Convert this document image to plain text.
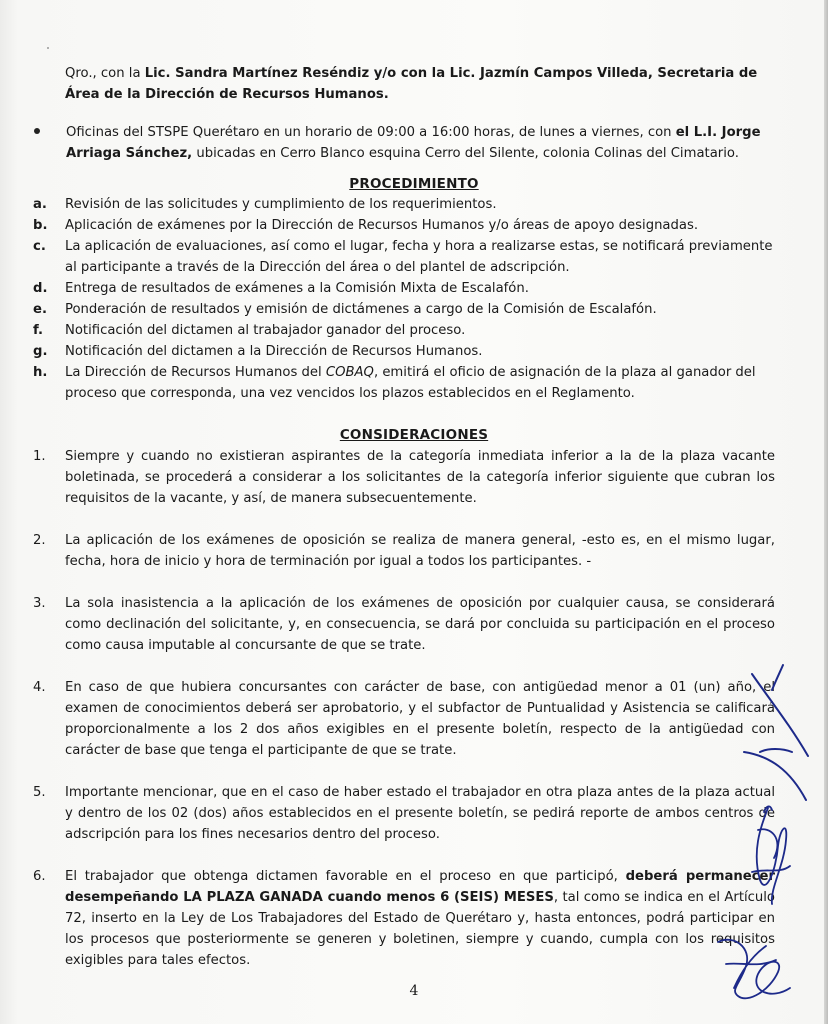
Qro., con la Lic. Sandra Martínez Reséndiz y/o con la Lic. Jazmín Campos Villeda, Secretaria de Área de la Dirección de Recursos Humanos.
Oficinas del STSPE Querétaro en un horario de 09:00 a 16:00 horas, de lunes a viernes, con el L.I. Jorge Arriaga Sánchez, ubicadas en Cerro Blanco esquina Cerro del Silente, colonia Colinas del Cimatario.
PROCEDIMIENTO
a.	Revisión de las solicitudes y cumplimiento de los requerimientos.
b.	Aplicación de exámenes por la Dirección de Recursos Humanos y/o áreas de apoyo designadas.
c.	La aplicación de evaluaciones, así como el lugar, fecha y hora a realizarse estas, se notificará previamente al participante a través de la Dirección del área o del plantel de adscripción.
d.	Entrega de resultados de exámenes a la Comisión Mixta de Escalafón.
e.	Ponderación de resultados y emisión de dictámenes a cargo de la Comisión de Escalafón.
f.	Notificación del dictamen al trabajador ganador del proceso.
g.	Notificación del dictamen a la Dirección de Recursos Humanos.
h.	La Dirección de Recursos Humanos del COBAQ, emitirá el oficio de asignación de la plaza al ganador del proceso que corresponda, una vez vencidos los plazos establecidos en el Reglamento.
CONSIDERACIONES
1.	Siempre y cuando no existieran aspirantes de la categoría inmediata inferior a la de la plaza vacante boletinada, se procederá a considerar a los solicitantes de la categoría inferior siguiente que cubran los requisitos de la vacante, y así, de manera subsecuentemente.
2.	La aplicación de los exámenes de oposición se realiza de manera general, -esto es, en el mismo lugar, fecha, hora de inicio y hora de terminación por igual a todos los participantes. -
3.	La sola inasistencia a la aplicación de los exámenes de oposición por cualquier causa, se considerará como declinación del solicitante, y, en consecuencia, se dará por concluida su participación en el proceso como causa imputable al concursante de que se trate.
4.	En caso de que hubiera concursantes con carácter de base, con antigüedad menor a 01 (un) año, el examen de conocimientos deberá ser aprobatorio, y el subfactor de Puntualidad y Asistencia se calificará proporcionalmente a los 2 dos años exigibles en el presente boletín, respecto de la antigüedad con carácter de base que tenga el participante de que se trate.
5.	Importante mencionar, que en el caso de haber estado el trabajador en otra plaza antes de la plaza actual y dentro de los 02 (dos) años establecidos en el presente boletín, se pedirá reporte de ambos centros de adscripción para los fines necesarios dentro del proceso.
6.	El trabajador que obtenga dictamen favorable en el proceso en que participó, deberá permanecer desempeñando LA PLAZA GANADA cuando menos 6 (SEIS) MESES, tal como se indica en el Artículo 72, inserto en la Ley de Los Trabajadores del Estado de Querétaro y, hasta entonces, podrá participar en los procesos que posteriormente se generen y boletinen, siempre y cuando, cumpla con los requisitos exigibles para tales efectos.
4
